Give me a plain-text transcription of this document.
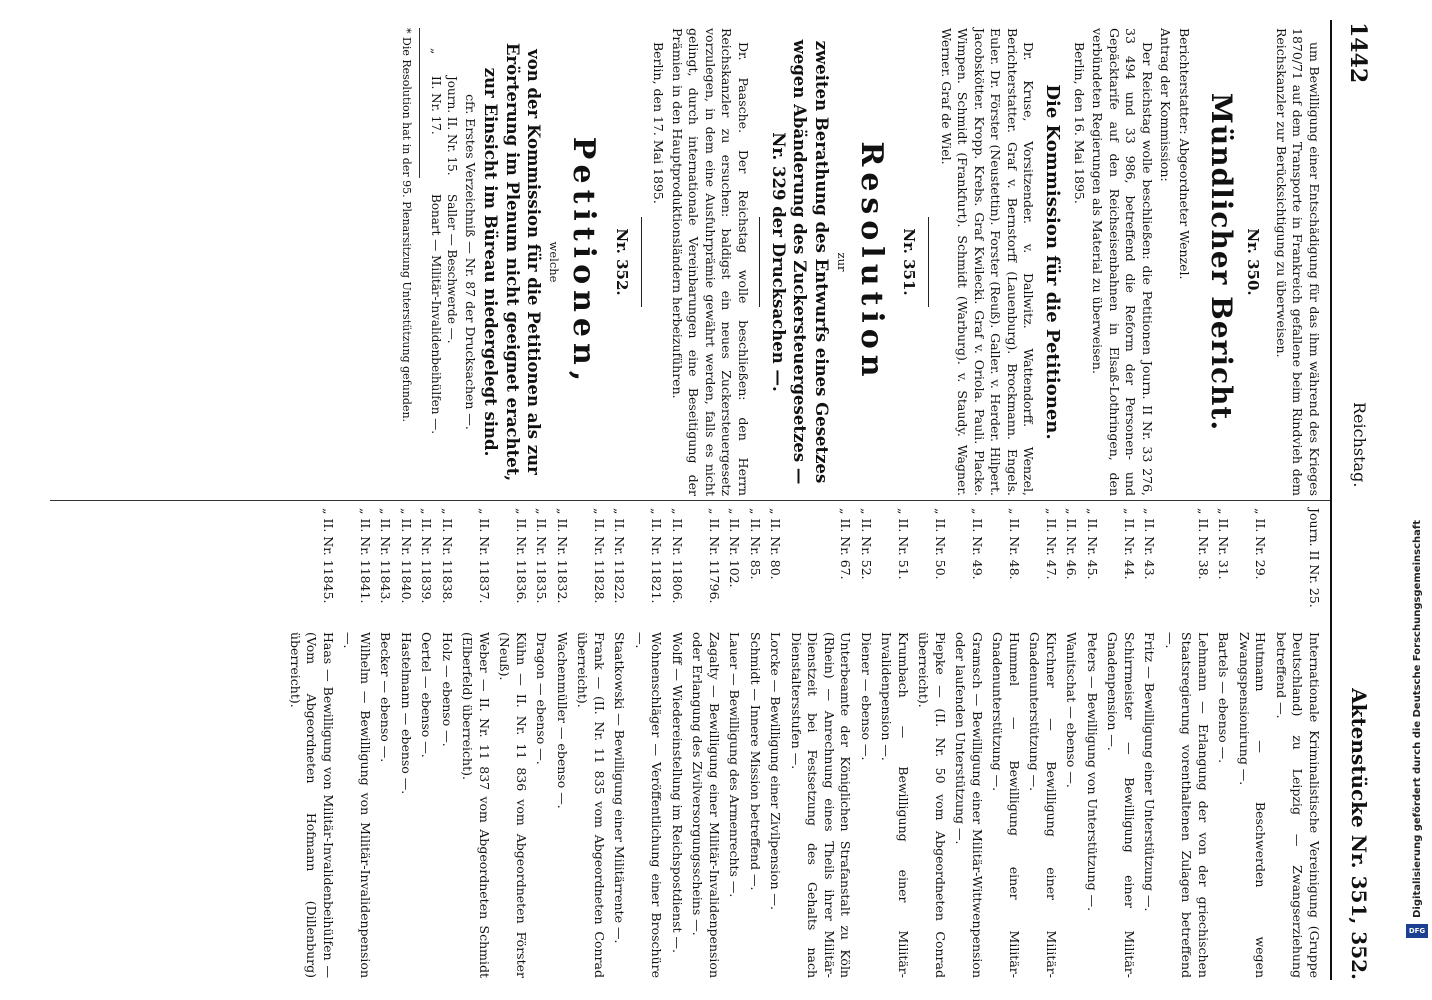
1442
Reichstag.
Aktenstücke Nr. 351, 352.

um Bewilligung einer Entschädigung für das ihm während des Krieges 1870/71 auf dem Transporte in Frankreich gefallene beim Rindvieh dem Reichskanzler zur Berücksichtigung zu überweisen.

Nr. 350.
Mündlicher Bericht.

Berichterstatter: Abgeordneter Wenzel.

Antrag der Kommission:

Der Reichstag wolle beschließen: die Petitionen Journ. II Nr. 33 276, 33 494 und 33 986, betreffend die Reform der Personen- und Gepäcktarife auf den Reichseisenbahnen in Elsaß-Lothringen, den verbündeten Regierungen als Material zu überweisen.

Berlin, den 16. Mai 1895.

Die Kommission für die Petitionen.

Dr. Kruse, Vorsitzender. v. Dallwitz. Wattendorff. Wenzel, Berichterstatter. Graf v. Bernstorff (Lauenburg). Brockmann. Engels. Euler. Dr. Förster (Neustettin). Forster (Reuß). Galler. v. Herder. Hilpert. Jacobskötter. Kropp. Krebs. Graf Kwilecki. Graf v. Oriola. Pauli. Placke. Wimpen. Schmidt (Frankfurt). Schmidt (Warburg). v. Staudy. Wagner. Werner. Graf de Wiel.

Nr. 351.
Resolution
zur
zweiten Berathung des Entwurfs eines Gesetzes wegen Abänderung des Zuckersteuergesetzes — Nr. 329 der Drucksachen —.

Dr. Paasche. Der Reichstag wolle beschließen: den Herrn Reichskanzler zu ersuchen: baldigst ein neues Zuckersteuergesetz vorzulegen, in dem eine Ausfuhrprämie gewährt werden, falls es nicht gelingt, durch internationale Vereinbarungen eine Beseitigung der Prämien in den Hauptproduktionsländern herbeizuführen.

Berlin, den 17. Mai 1895.

Nr. 352.
Petitionen,
welche
von der Kommission für die Petitionen als zur Erörterung im Plenum nicht geeignet erachtet, zur Einsicht im Büreau niedergelegt sind.

cfr. Erstes Verzeichniß — Nr. 87 der Drucksachen —.

Journ. II. Nr. 15.
Saller — Beschwerde —.
„
II. Nr. 17.
Bonart — Militär-Invalidenbeihülfen —.

* Die Resolution hat in der 95. Plenarsitzung Unterstützung gefunden.

Journ. II Nr. 25.
Internationale Kriminalistische Vereinigung (Gruppe Deutschland) zu Leipzig — Zwangserziehung betreffend —.
„ II. Nr. 29.
Hutmann — Beschwerden wegen Zwangspensionirung —.
„ II. Nr. 31.
Bartels — ebenso —.
„ II. Nr. 38.
Lehmann — Erlangung der von der griechischen Staatsregierung vorenthaltenen Zulagen betreffend —.
„ II. Nr. 43.
Fritz — Bewilligung einer Unterstützung —.
„ II. Nr. 44.
Schirrmeister — Bewilligung einer Militär-Gnadenpension —.
„ II. Nr. 45.
Peters — Bewilligung von Unterstützung —.
„ II. Nr. 46.
Wanitschat — ebenso —.
„ II. Nr. 47.
Kirchner — Bewilligung einer Militär-Gnadenunterstützung —.
„ II. Nr. 48.
Hummel — Bewilligung einer Militär-Gnadenunterstützung —.
„ II. Nr. 49.
Gramsch — Bewilligung einer Militär-Wittwenpension oder laufenden Unterstützung —.
„ II. Nr. 50.
Piepke — (II. Nr. 50 vom Abgeordneten Conrad überreicht).
„ II. Nr. 51.
Krumbach — Bewilligung einer Militär-Invalidenpension —.
„ II. Nr. 52.
Diener — ebenso —.
„ II. Nr. 67.
Unterbeamte der Königlichen Strafanstalt zu Köln (Rhein) — Anrechnung eines Theils ihrer Militär-Dienstzeit bei Festsetzung des Gehalts nach Dienstaltersstufen —.
„ II. Nr. 80.
Lorcke — Bewilligung einer Zivilpension —.
„ II. Nr. 85.
Schmidt — Innere Mission betreffend —.
„ II. Nr. 102.
Lauer — Bewilligung des Armenrechts —.
„ II. Nr. 11796.
Zagalty — Bewilligung einer Militär-Invalidenpension oder Erlangung des Zivilversorgungsscheins —.
„ II. Nr. 11806.
Wolff — Wiedereinstellung im Reichspostdienst —.
„ II. Nr. 11821.
Wohnenschläger — Veröffentlichung einer Broschüre —.
„ II. Nr. 11822.
Staatkowski — Bewilligung einer Militärrente —.
„ II. Nr. 11828.
Frank — (II. Nr. 11 835 vom Abgeordneten Conrad überreicht).
„ II. Nr. 11832.
Wachenmüller — ebenso —.
„ II. Nr. 11835.
Dragon — ebenso —.
„ II. Nr. 11836.
Kühn — II. Nr. 11 836 vom Abgeordneten Förster (Neuß).
„ II. Nr. 11837.
Weber — II. Nr. 11 837 vom Abgeordneten Schmidt (Elberfeld) überreicht).
„ II. Nr. 11838.
Holz — ebenso —.
„ II. Nr. 11839.
Oertel — ebenso —.
„ II. Nr. 11840.
Hastelmann — ebenso —.
„ II. Nr. 11843.
Becker — ebenso —.
„ II. Nr. 11841.
Wilhelm — Bewilligung von Militär-Invalidenpension —.
„ II. Nr. 11845.
Haas — Bewilligung von Militär-Invalidenbeihülfen — (Vom Abgeordneten Hofmann (Dillenburg) überreicht).	Digitalisierung gefördert durch die Deutsche Forschungsgemeinschaft
DFG
